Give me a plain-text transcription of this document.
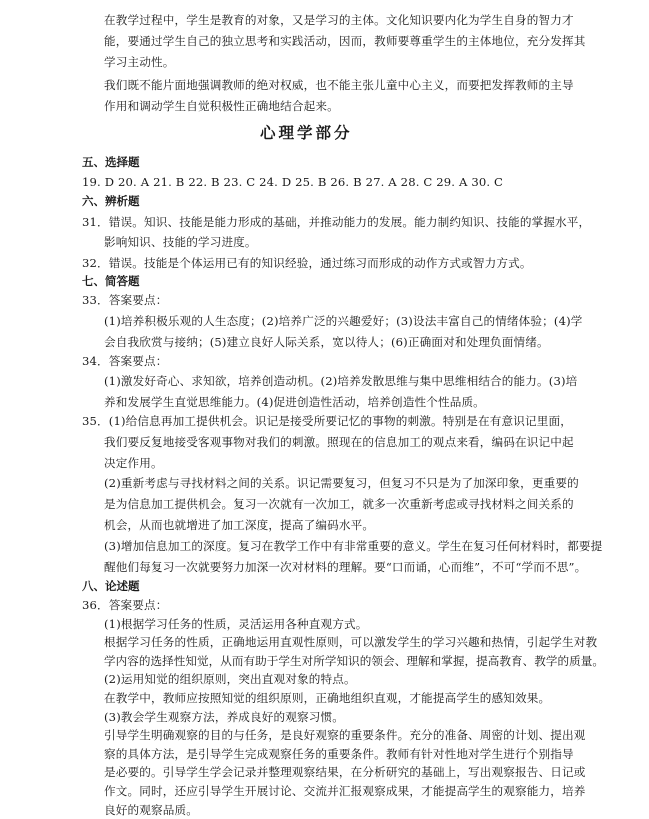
在教学过程中，学生是教育的对象，又是学习的主体。文化知识要内化为学生自身的智力才
能，要通过学生自己的独立思考和实践活动，因而，教师要尊重学生的主体地位，充分发挥其
学习主动性。
我们既不能片面地强调教师的绝对权威，也不能主张儿童中心主义，而要把发挥教师的主导
作用和调动学生自觉积极性正确地结合起来。
心理学部分
五、选择题
19. D 20. A 21. B 22. B 23. C 24. D 25. B 26. B 27. A 28. C 29. A 30. C
六、辨析题
31．错误。知识、技能是能力形成的基础，并推动能力的发展。能力制约知识、技能的掌握水平，
影响知识、技能的学习进度。
32．错误。技能是个体运用已有的知识经验，通过练习而形成的动作方式或智力方式。
七、简答题
33．答案要点：
(1)培养积极乐观的人生态度；(2)培养广泛的兴趣爱好；(3)设法丰富自己的情绪体验；(4)学
会自我欣赏与接纳；(5)建立良好人际关系，宽以待人；(6)正确面对和处理负面情绪。
34．答案要点：
(1)激发好奇心、求知欲，培养创造动机。(2)培养发散思维与集中思维相结合的能力。(3)培
养和发展学生直觉思维能力。(4)促进创造性活动，培养创造性个性品质。
35．(1)给信息再加工提供机会。识记是接受所要记忆的事物的刺激。特别是在有意识记里面，
我们要反复地接受客观事物对我们的刺激。照现在的信息加工的观点来看，编码在识记中起
决定作用。
(2)重新考虑与寻找材料之间的关系。识记需要复习，但复习不只是为了加深印象，更重要的
是为信息加工提供机会。复习一次就有一次加工，就多一次重新考虑或寻找材料之间关系的
机会，从而也就增进了加工深度，提高了编码水平。
(3)增加信息加工的深度。复习在教学工作中有非常重要的意义。学生在复习任何材料时，都要提
醒他们每复习一次就要努力加深一次对材料的理解。要“口而诵，心而维”，不可“学而不思”。
八、论述题
36．答案要点：
(1)根据学习任务的性质，灵活运用各种直观方式。
根据学习任务的性质，正确地运用直观性原则，可以激发学生的学习兴趣和热情，引起学生对教
学内容的选择性知觉，从而有助于学生对所学知识的领会、理解和掌握，提高教育、教学的质量。
(2)运用知觉的组织原则，突出直观对象的特点。
在教学中，教师应按照知觉的组织原则，正确地组织直观，才能提高学生的感知效果。
(3)教会学生观察方法，养成良好的观察习惯。
引导学生明确观察的目的与任务，是良好观察的重要条件。充分的准备、周密的计划、提出观
察的具体方法，是引导学生完成观察任务的重要条件。教师有针对性地对学生进行个别指导
是必要的。引导学生学会记录并整理观察结果，在分析研究的基础上，写出观察报告、日记或
作文。同时，还应引导学生开展讨论、交流并汇报观察成果，才能提高学生的观察能力，培养
良好的观察品质。
